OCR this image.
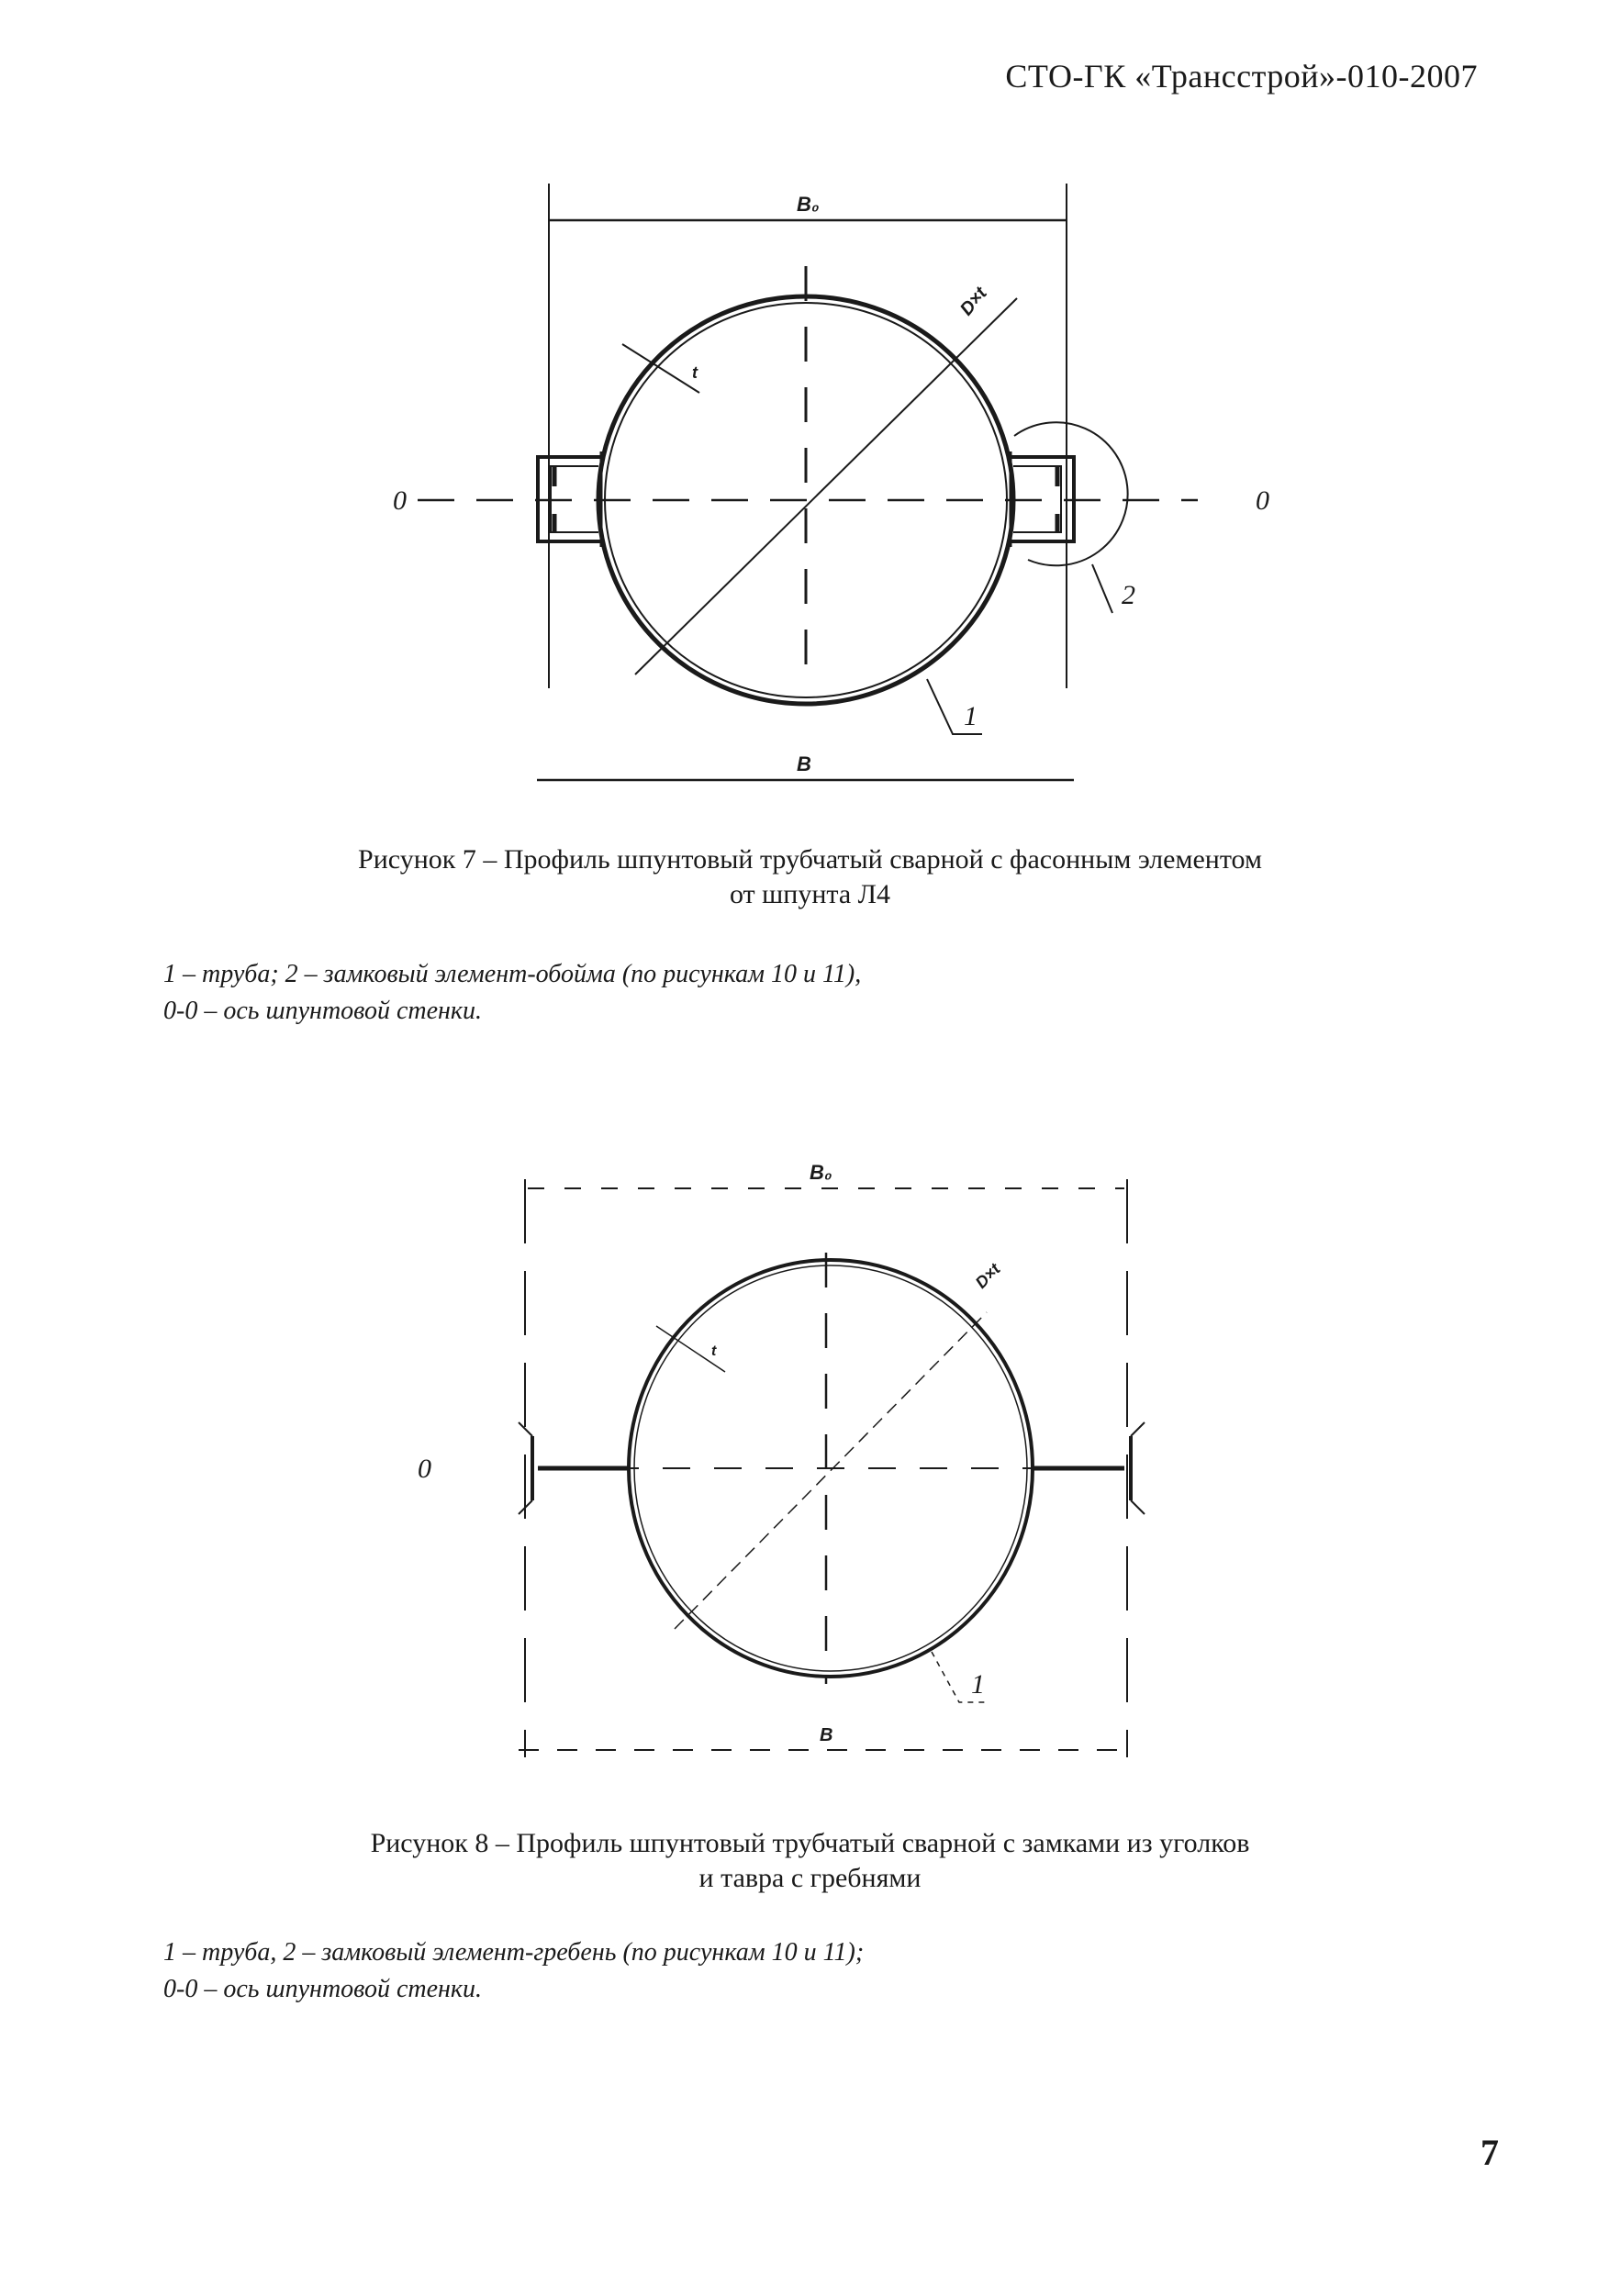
СТО-ГК «Трансстрой»-010-2007
B₀
0	0
D×t
t
2
1
B
Рисунок 7 – Профиль шпунтовый трубчатый сварной с фасонным элементом
от шпунта Л4
1 – труба; 2 – замковый элемент-обойма (по рисункам 10 и 11),
0-0 – ось шпунтовой стенки.
B₀
0
D×t
t
1
B
Рисунок 8 – Профиль шпунтовый трубчатый сварной с замками из уголков
и тавра с гребнями
1 – труба, 2 – замковый элемент-гребень (по рисункам 10 и 11);
0-0 – ось шпунтовой стенки.
7
